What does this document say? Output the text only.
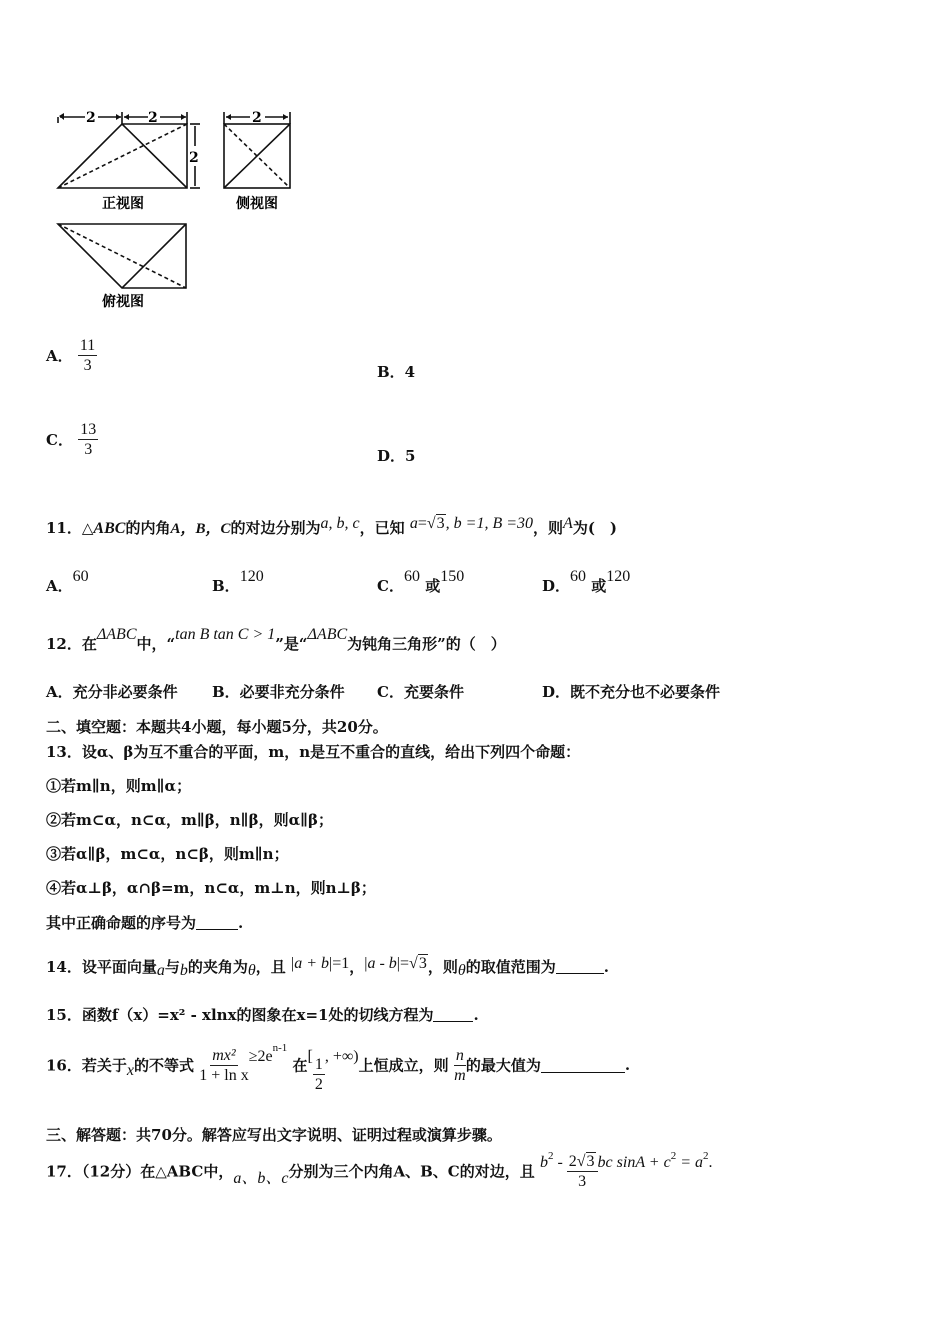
2	2
2
正视图
2
侧视图
俯视图
A． $\frac{11}{3}$	B．4
C． $\frac{13}{3}$	D．5
11．△ABC的内角A，B，C的对边分别为a, b, c，已知 a=√3, b =1, B =30，则A为(　)
A．60
B．120
C．60 或150
D．60 或120
12．在ΔABC中，“tan B tan C > 1”是“ΔABC为钝角三角形”的（　）
A．充分非必要条件 B．必要非充分条件 C．充要条件	D．既不充分也不必要条件
二、填空题：本题共4小题，每小题5分，共20分。
13．设α、β为互不重合的平面，m，n是互不重合的直线，给出下列四个命题：
①若m∥n，则m∥α；
②若m⊂α，n⊂α，m∥β，n∥β，则α∥β；
③若α∥β，m⊂α，n⊂β，则m∥n；
④若α⊥β，α∩β=m，n⊂α，m⊥n，则n⊥β；
其中正确命题的序号为	.
14．设平面向量a与b的夹角为θ，且 |a + b|=1，|a - b|=√3，则θ的取值范围为	.
15．函数f（x）=x² - xlnx的图象在x=1处的切线方程为	.
16．若关于x的不等式 $\frac{\text{mx²}}{\text{1 + ln x}} \ge 2e^{n-1}$ 在[ $\frac{1}{2}$ , +∞)上恒成立，则 $\frac{n}{m}$ 的最大值为	.
三、解答题：共70分。解答应写出文字说明、证明过程或演算步骤。
17．（12分）在△ABC中，a、b、c分别为三个内角A、B、C的对边，且 $b^2 - \frac{2√3}{3}$ bc $\sin A + c^2 = a^2$.
